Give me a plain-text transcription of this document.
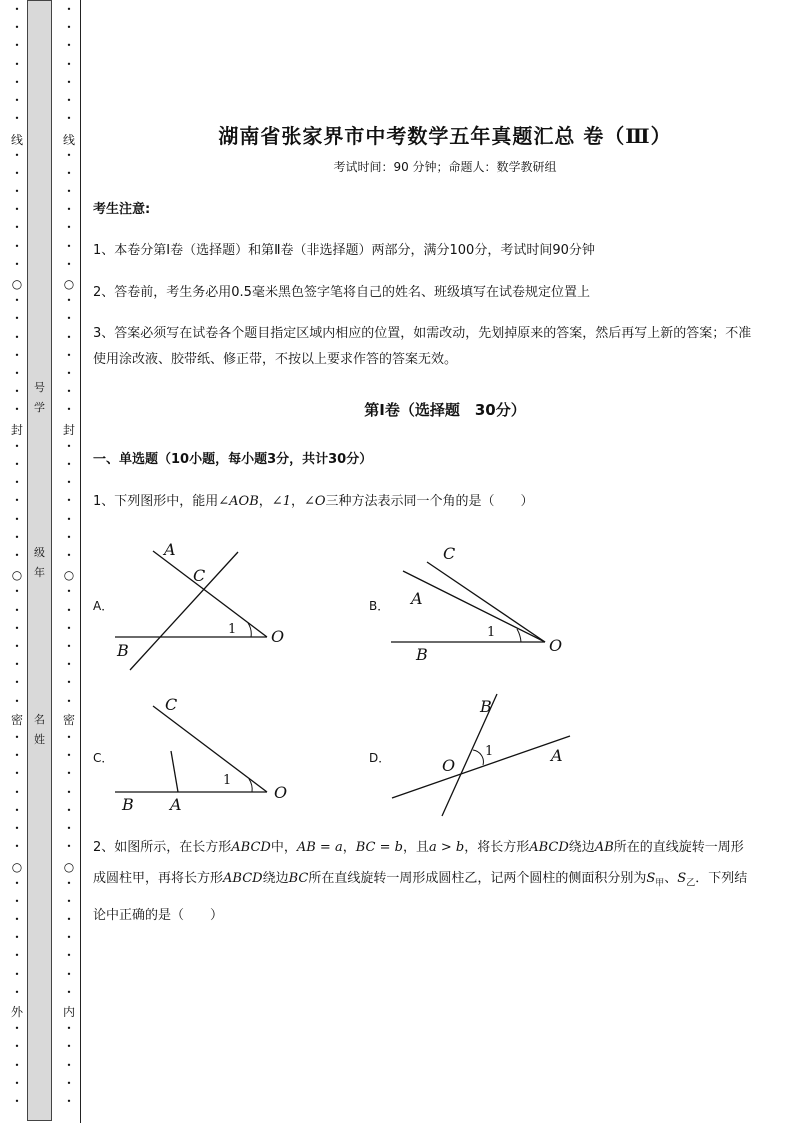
线
○
封
○
密
○
外
•
•
•
•
•
•
•
•
•
•
•
•
•
•
•
•
•
•
•
•
•
•
•
•
•
•
•
•
•
•
•
•
•
•
•
•
•
•
•
•
•
•
•
•
•
•
•
•
•
•
•
•
•
•
号
学
级
年
名
姓
线
○
封
○
密
○
内
•
•
•
•
•
•
•
•
•
•
•
•
•
•
•
•
•
•
•
•
•
•
•
•
•
•
•
•
•
•
•
•
•
•
•
•
•
•
•
•
•
•
•
•
•
•
•
•
•
•
•
•
•
•
湖南省张家界市中考数学五年真题汇总 卷（Ⅲ）
考试时间：90 分钟；命题人：数学教研组
考生注意:
1、本卷分第Ⅰ卷（选择题）和第Ⅱ卷（非选择题）两部分，满分100分，考试时间90分钟
2、答卷前，考生务必用0.5毫米黑色签字笔将自己的姓名、班级填写在试卷规定位置上
3、答案必须写在试卷各个题目指定区域内相应的位置，如需改动，先划掉原来的答案，然后再写上新的答案；不准使用涂改液、胶带纸、修正带，不按以上要求作答的答案无效。
第Ⅰ卷（选择题　30分）
一、单选题（10小题，每小题3分，共计30分）
1、下列图形中，能用∠AOB，∠1，∠O三种方法表示同一个角的是（　　）
A．
A
C
B
O
1
B．
C
A
B	O
1
C．
C
B A
O
1
D．
B
O
A
1
2、如图所示，在长方形ABCD中，AB = a，BC = b，且a > b，将长方形ABCD绕边AB所在的直线旋转一周形成圆柱甲，再将长方形ABCD绕边BC所在直线旋转一周形成圆柱乙，记两个圆柱的侧面积分别为$S_甲$、$S_乙$．下列结论中正确的是（　　）
